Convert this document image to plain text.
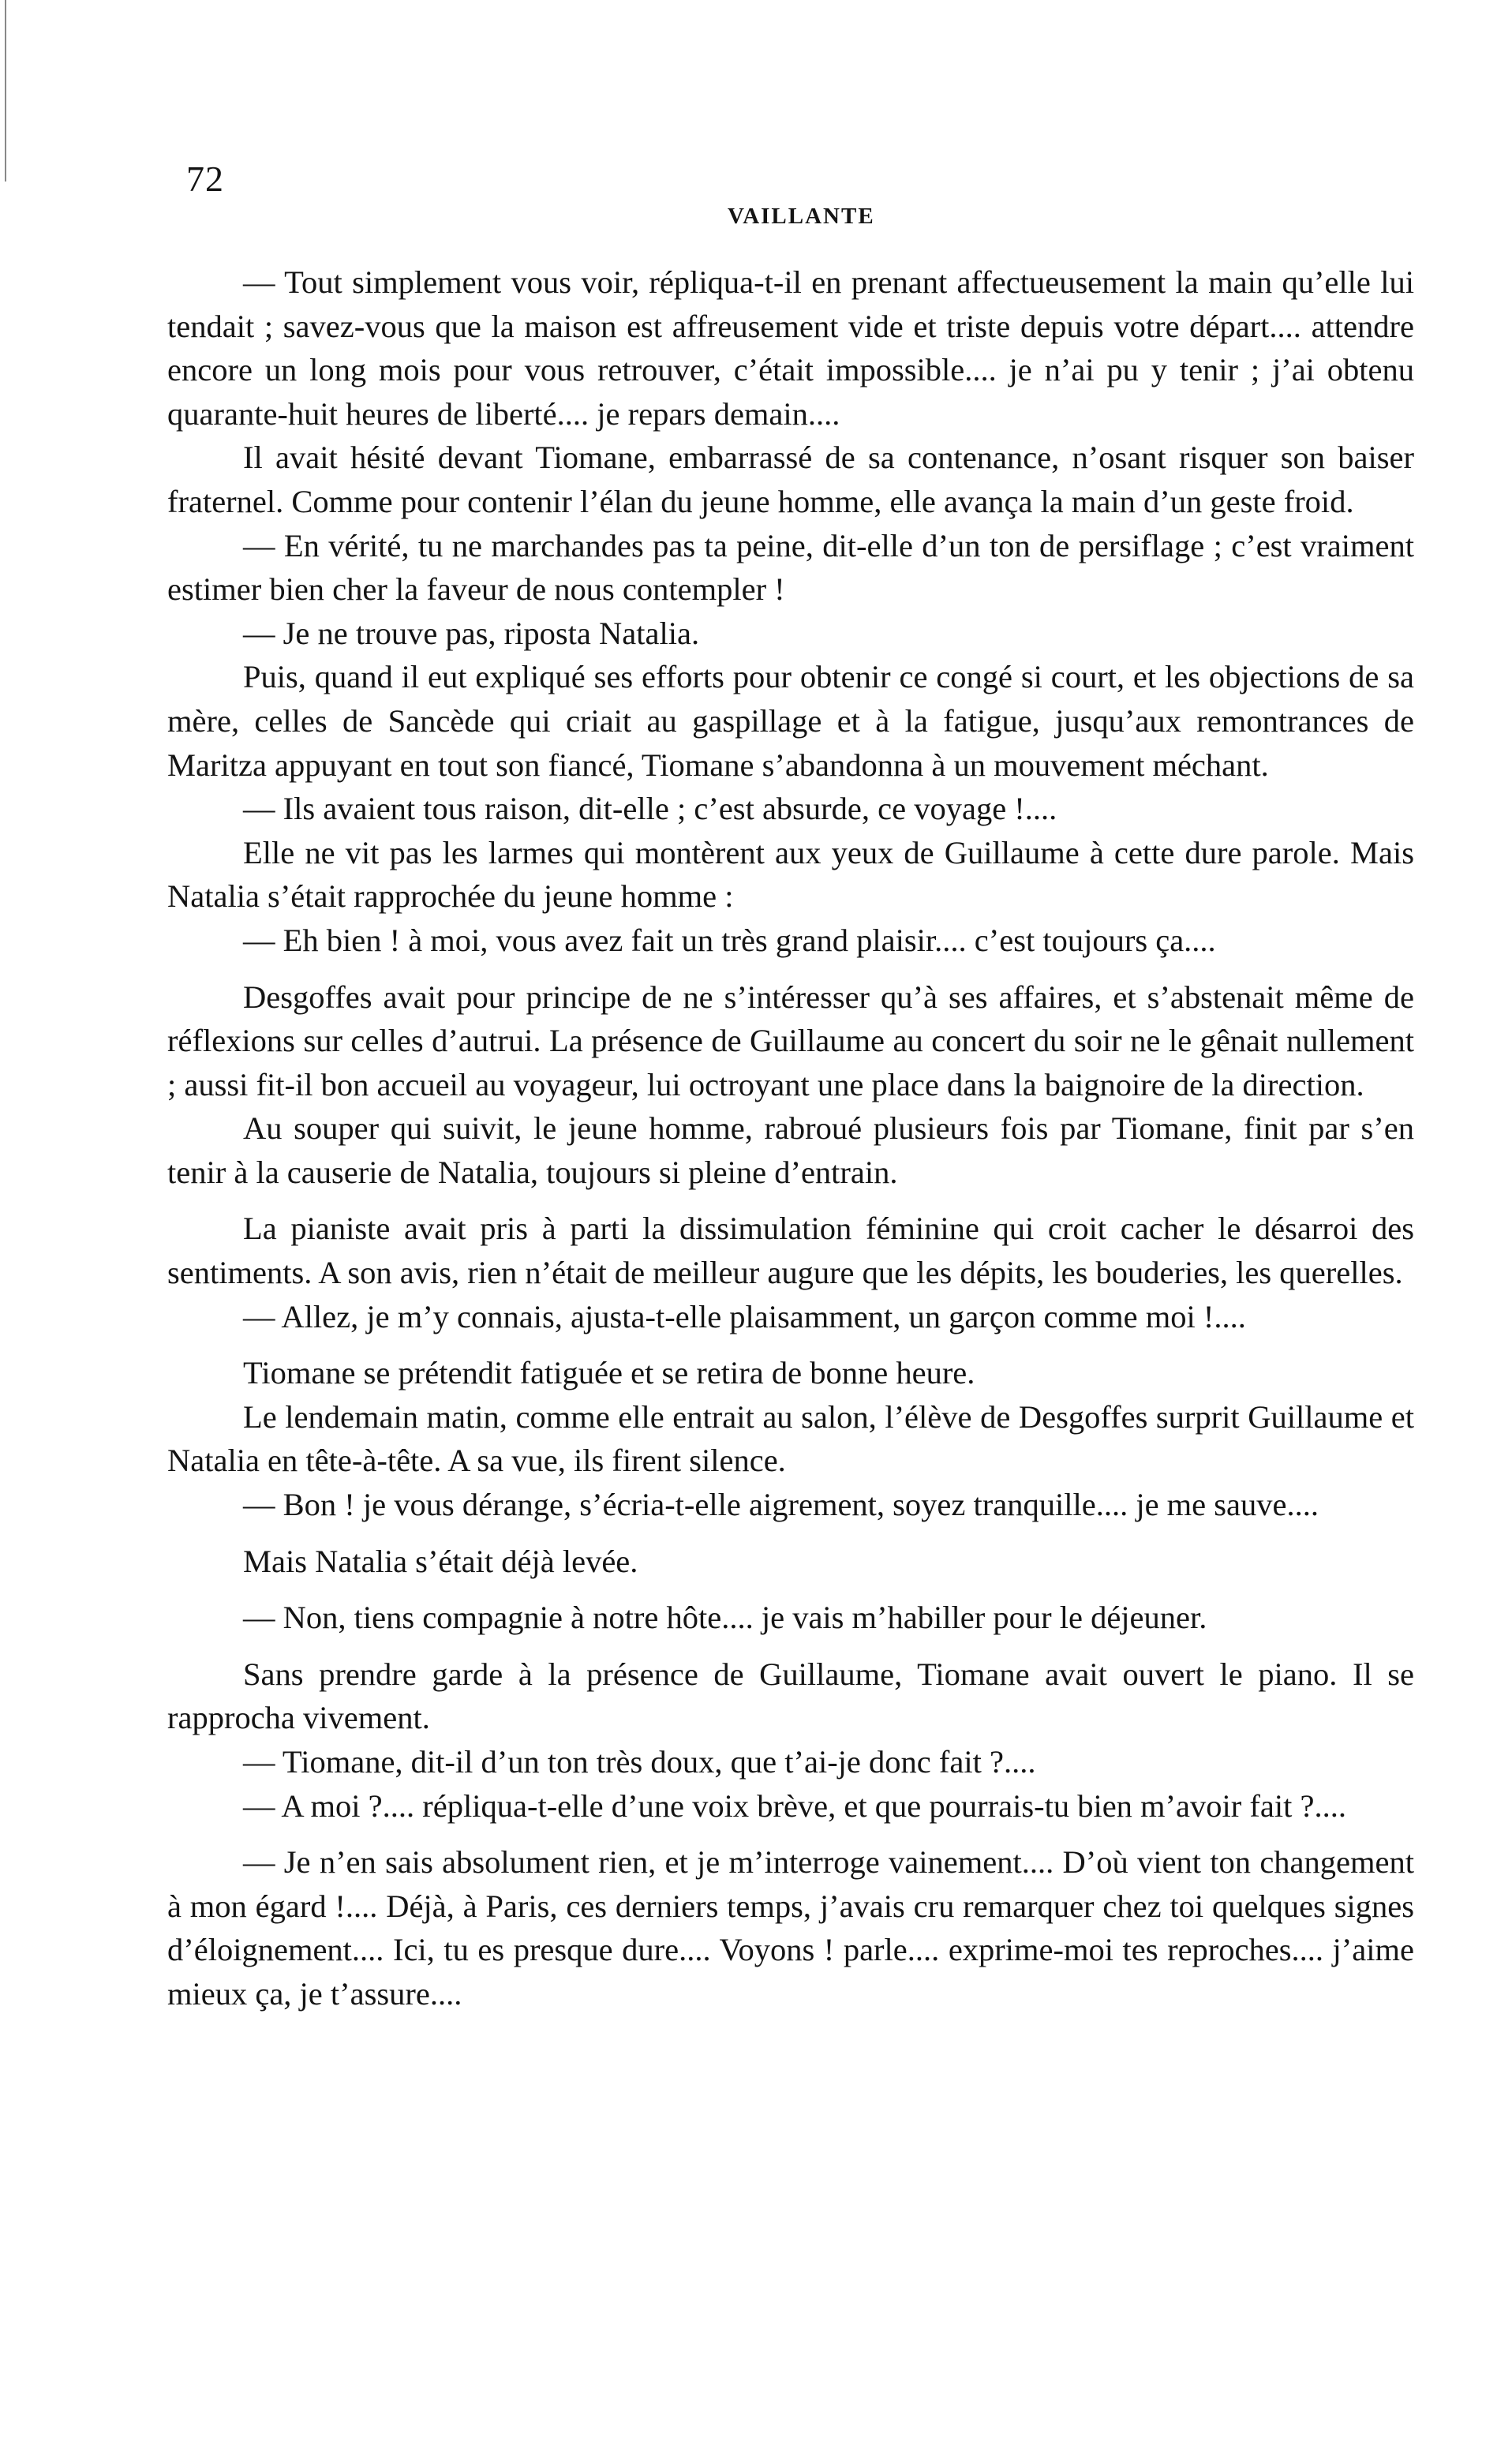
72
VAILLANTE

— Tout simplement vous voir, répliqua-t-il en prenant affectueusement la main qu’elle lui tendait ; savez-vous que la maison est affreusement vide et triste depuis votre départ.... attendre encore un long mois pour vous retrouver, c’était impossible.... je n’ai pu y tenir ; j’ai obtenu quarante-huit heures de liberté.... je repars demain....

Il avait hésité devant Tiomane, embarrassé de sa contenance, n’osant risquer son baiser fraternel. Comme pour contenir l’élan du jeune homme, elle avança la main d’un geste froid.

— En vérité, tu ne marchandes pas ta peine, dit-elle d’un ton de persiflage ; c’est vraiment estimer bien cher la faveur de nous contempler !

— Je ne trouve pas, riposta Natalia.

Puis, quand il eut expliqué ses efforts pour obtenir ce congé si court, et les objections de sa mère, celles de Sancède qui criait au gaspillage et à la fatigue, jusqu’aux remontrances de Maritza appuyant en tout son fiancé, Tiomane s’abandonna à un mouvement méchant.

— Ils avaient tous raison, dit-elle ; c’est absurde, ce voyage !....

Elle ne vit pas les larmes qui montèrent aux yeux de Guillaume à cette dure parole. Mais Natalia s’était rapprochée du jeune homme :

— Eh bien ! à moi, vous avez fait un très grand plaisir.... c’est toujours ça....

Desgoffes avait pour principe de ne s’intéresser qu’à ses affaires, et s’abstenait même de réflexions sur celles d’autrui. La présence de Guillaume au concert du soir ne le gênait nullement ; aussi fit-il bon accueil au voyageur, lui octroyant une place dans la baignoire de la direction.

Au souper qui suivit, le jeune homme, rabroué plusieurs fois par Tiomane, finit par s’en tenir à la causerie de Natalia, toujours si pleine d’entrain.

La pianiste avait pris à parti la dissimulation féminine qui croit cacher le désarroi des sentiments. A son avis, rien n’était de meilleur augure que les dépits, les bouderies, les querelles.

— Allez, je m’y connais, ajusta-t-elle plaisamment, un garçon comme moi !....

Tiomane se prétendit fatiguée et se retira de bonne heure.

Le lendemain matin, comme elle entrait au salon, l’élève de Desgoffes surprit Guillaume et Natalia en tête-à-tête. A sa vue, ils firent silence.

— Bon ! je vous dérange, s’écria-t-elle aigrement, soyez tranquille.... je me sauve....

Mais Natalia s’était déjà levée.

— Non, tiens compagnie à notre hôte.... je vais m’habiller pour le déjeuner.

Sans prendre garde à la présence de Guillaume, Tiomane avait ouvert le piano. Il se rapprocha vivement.

— Tiomane, dit-il d’un ton très doux, que t’ai-je donc fait ?....

— A moi ?.... répliqua-t-elle d’une voix brève, et que pourrais-tu bien m’avoir fait ?....

— Je n’en sais absolument rien, et je m’interroge vainement.... D’où vient ton changement à mon égard !.... Déjà, à Paris, ces derniers temps, j’avais cru remarquer chez toi quelques signes d’éloignement.... Ici, tu es presque dure.... Voyons ! parle.... exprime-moi tes reproches.... j’aime mieux ça, je t’assure....
